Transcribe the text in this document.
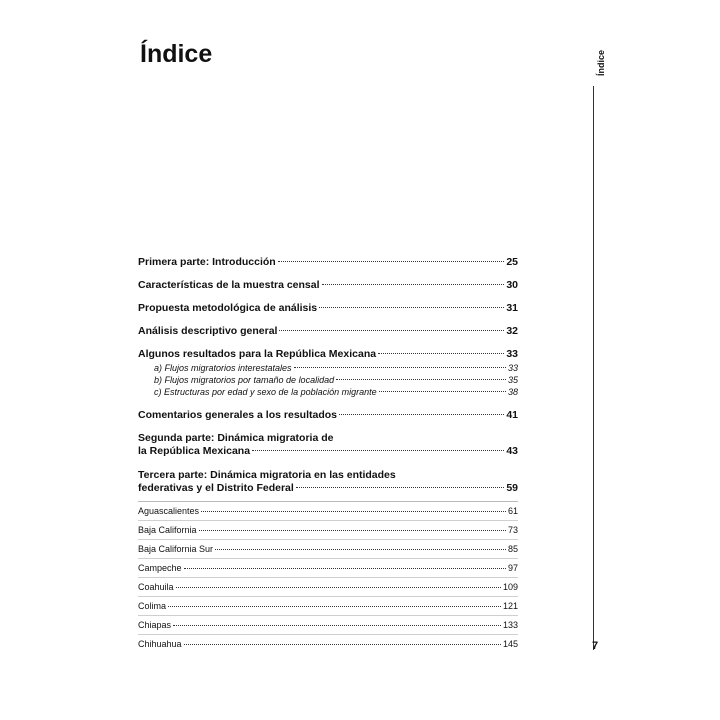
Índice	Índice
7
Primera parte: Introducción	25
Características de la muestra censal	30
Propuesta metodológica de análisis	31
Análisis descriptivo general	32
Algunos resultados para la República Mexicana	33
a) Flujos migratorios interestatales	33
b) Flujos migratorios por tamaño de localidad	35
c) Estructuras por edad y sexo de la población migrante	38
Comentarios generales a los resultados	41
Segunda parte: Dinámica migratoria de
la República Mexicana	43
Tercera parte: Dinámica migratoria en las entidades
federativas y el Distrito Federal	59
Aguascalientes	61
Baja California	73
Baja California Sur	85
Campeche	97
Coahuila	109
Colima	121
Chiapas	133
Chihuahua	145
